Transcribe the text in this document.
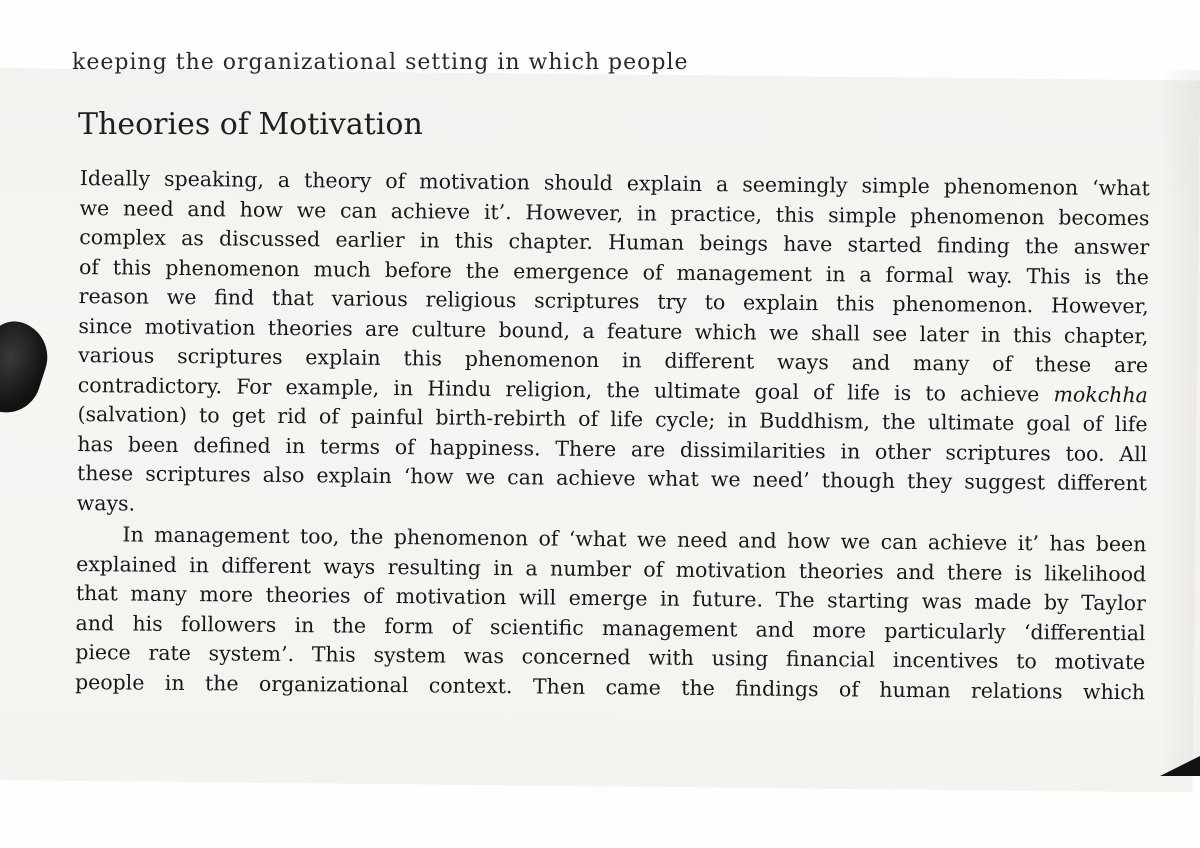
keeping the organizational setting in which people
Theories of Motivation
Ideally speaking, a theory of motivation should explain a seemingly simple phenomenon ‘what
we need and how we can achieve it’. However, in practice, this simple phenomenon becomes
complex as discussed earlier in this chapter. Human beings have started finding the answer
of this phenomenon much before the emergence of management in a formal way. This is the
reason we find that various religious scriptures try to explain this phenomenon. However,
since motivation theories are culture bound, a feature which we shall see later in this chapter,
various scriptures explain this phenomenon in different ways and many of these are
contradictory. For example, in Hindu religion, the ultimate goal of life is to achieve mokchha
(salvation) to get rid of painful birth-rebirth of life cycle; in Buddhism, the ultimate goal of life
has been defined in terms of happiness. There are dissimilarities in other scriptures too. All
these scriptures also explain ‘how we can achieve what we need’ though they suggest different
ways.
In management too, the phenomenon of ‘what we need and how we can achieve it’ has been
explained in different ways resulting in a number of motivation theories and there is likelihood
that many more theories of motivation will emerge in future. The starting was made by Taylor
and his followers in the form of scientific management and more particularly ‘differential
piece rate system’. This system was concerned with using financial incentives to motivate
people in the organizational context. Then came the findings of human relations which
